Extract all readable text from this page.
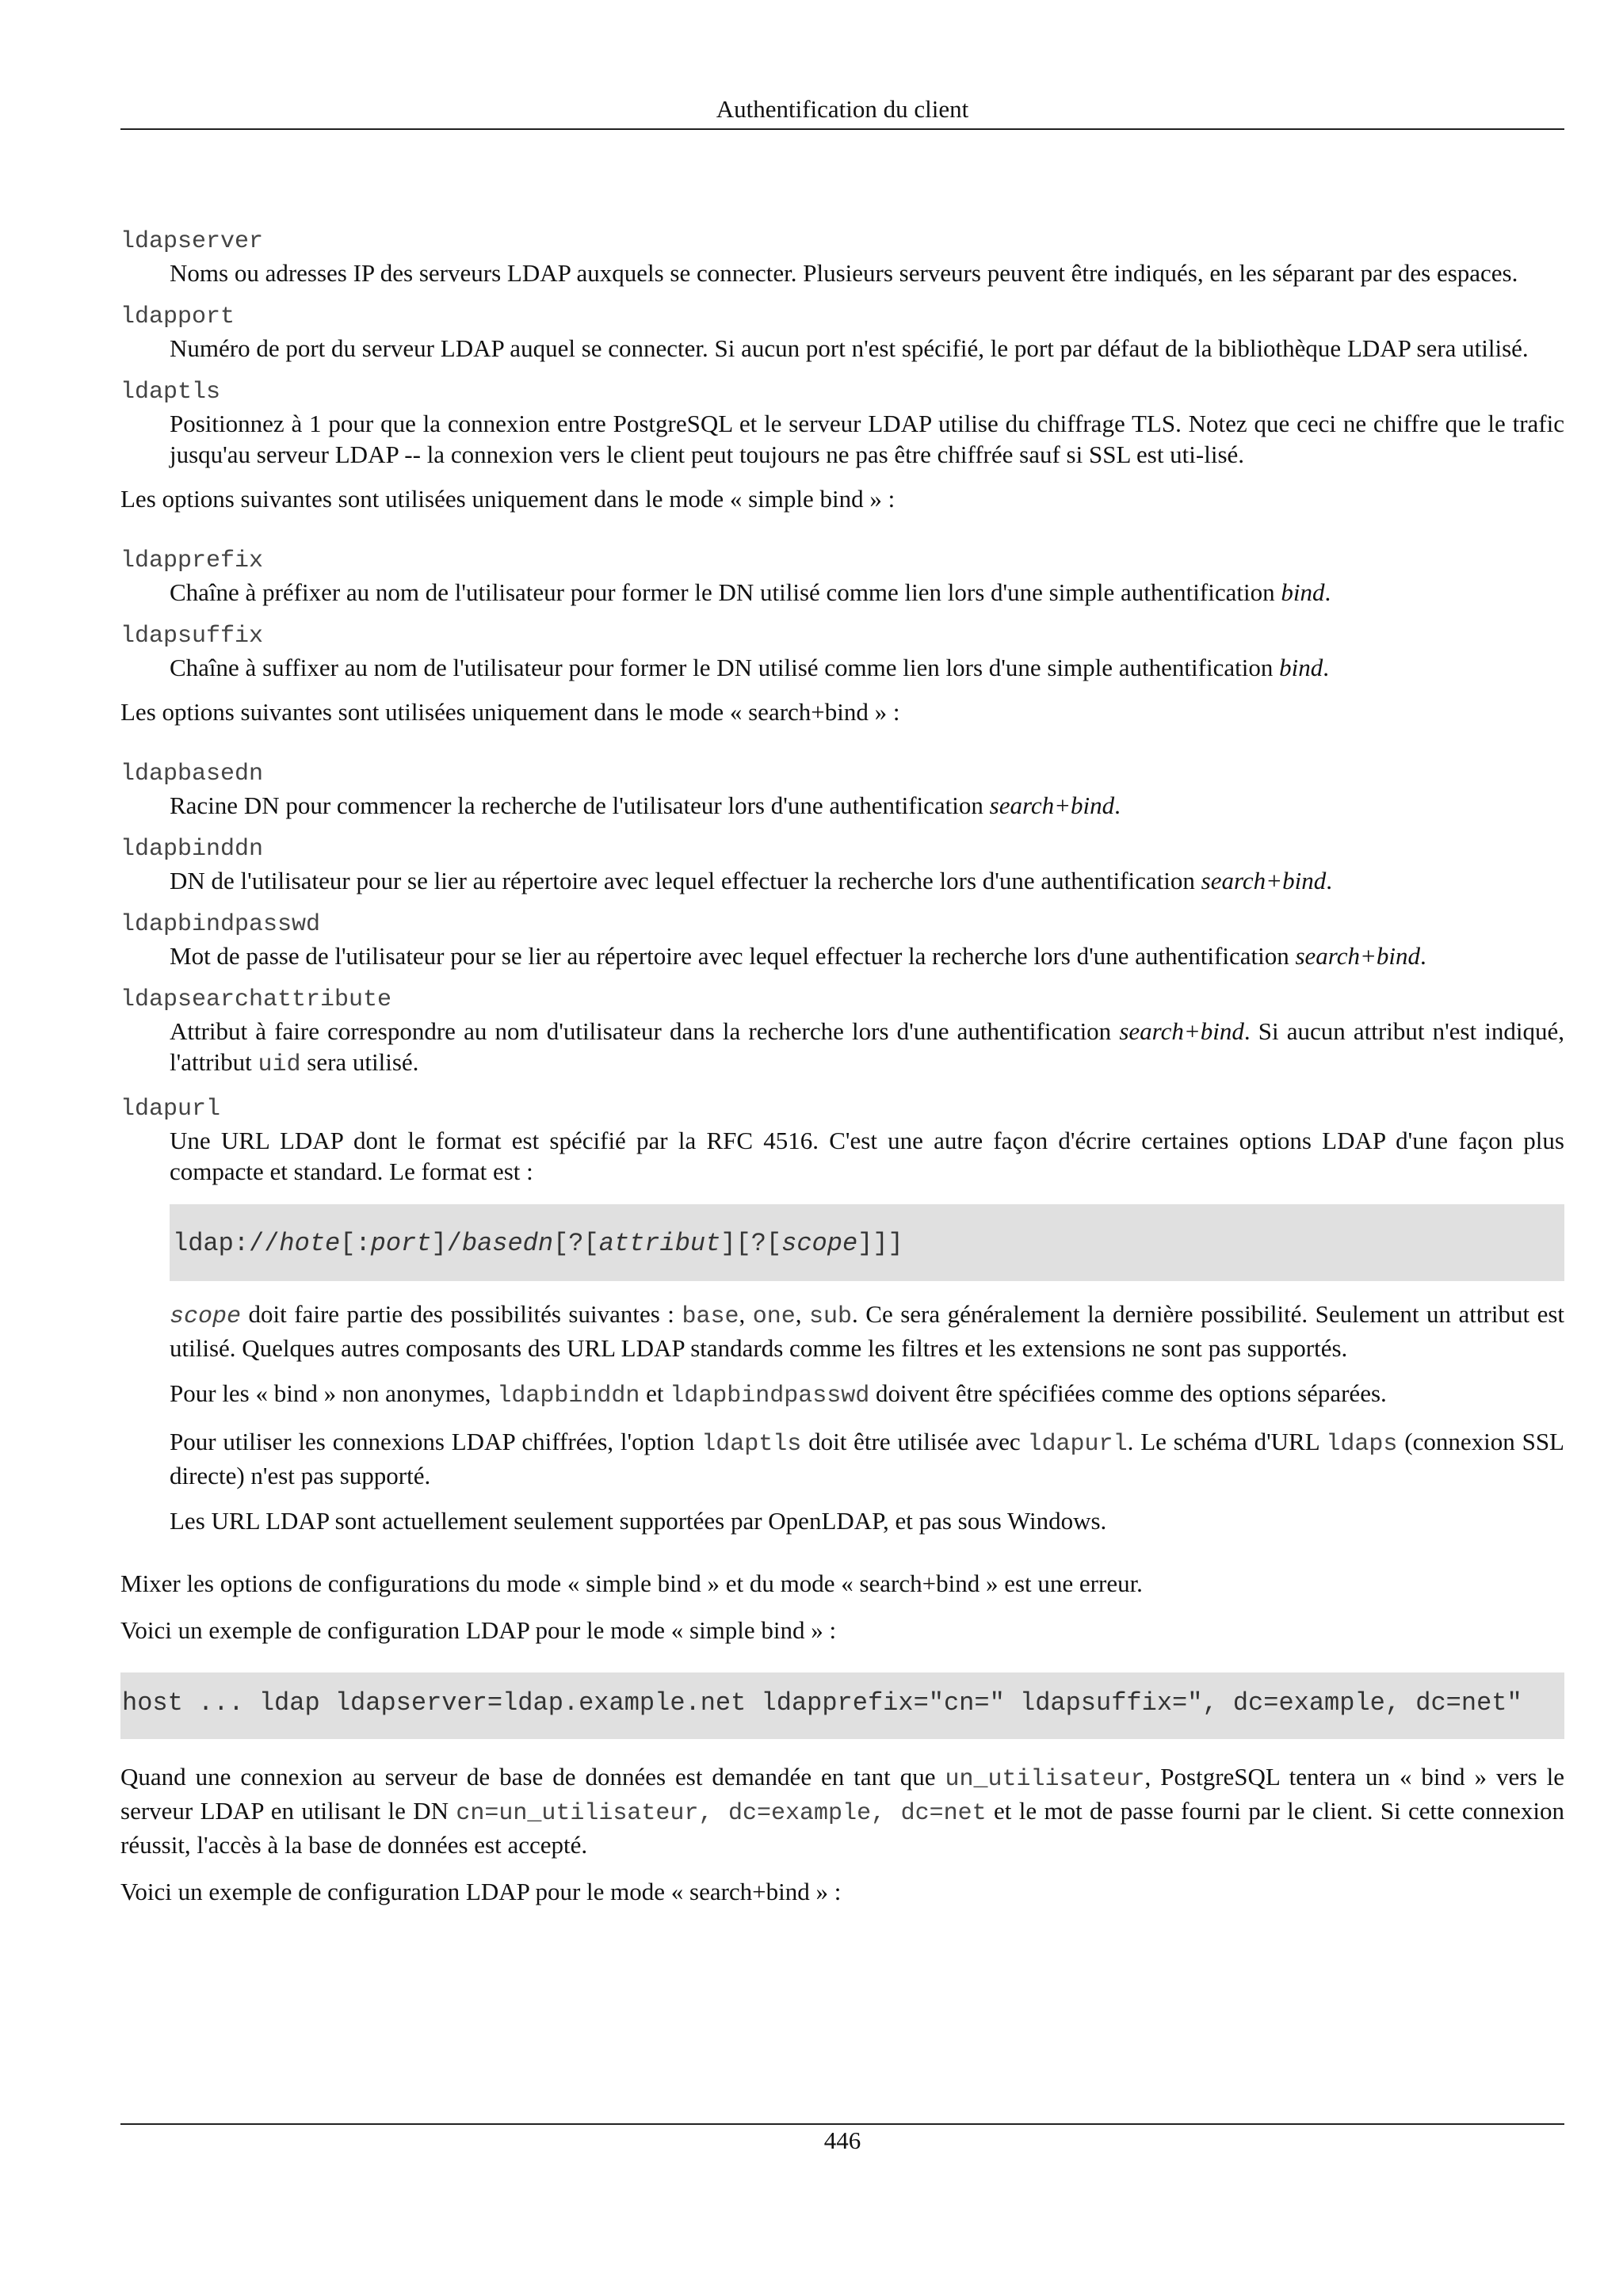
Authentification du client
ldapserver
Noms ou adresses IP des serveurs LDAP auxquels se connecter. Plusieurs serveurs peuvent être indiqués, en les séparant par des espaces.
ldapport
Numéro de port du serveur LDAP auquel se connecter. Si aucun port n'est spécifié, le port par défaut de la bibliothèque LDAP sera utilisé.
ldaptls
Positionnez à 1 pour que la connexion entre PostgreSQL et le serveur LDAP utilise du chiffrage TLS. Notez que ceci ne chiffre que le trafic jusqu'au serveur LDAP -- la connexion vers le client peut toujours ne pas être chiffrée sauf si SSL est uti-lisé.

Les options suivantes sont utilisées uniquement dans le mode « simple bind » :

ldapprefix
Chaîne à préfixer au nom de l'utilisateur pour former le DN utilisé comme lien lors d'une simple authentification bind.
ldapsuffix
Chaîne à suffixer au nom de l'utilisateur pour former le DN utilisé comme lien lors d'une simple authentification bind.

Les options suivantes sont utilisées uniquement dans le mode « search+bind » :

ldapbasedn
Racine DN pour commencer la recherche de l'utilisateur lors d'une authentification search+bind.
ldapbinddn
DN de l'utilisateur pour se lier au répertoire avec lequel effectuer la recherche lors d'une authentification search+bind.
ldapbindpasswd
Mot de passe de l'utilisateur pour se lier au répertoire avec lequel effectuer la recherche lors d'une authentification search+bind.
ldapsearchattribute
Attribut à faire correspondre au nom d'utilisateur dans la recherche lors d'une authentification search+bind. Si aucun attribut n'est indiqué, l'attribut uid sera utilisé.
ldapurl
Une URL LDAP dont le format est spécifié par la RFC 4516. C'est une autre façon d'écrire certaines options LDAP d'une façon plus compacte et standard. Le format est :
ldap://hote[:port]/basedn[?[attribut][?[scope]]]
scope doit faire partie des possibilités suivantes : base, one, sub. Ce sera généralement la dernière possibilité. Seulement un attribut est utilisé. Quelques autres composants des URL LDAP standards comme les filtres et les extensions ne sont pas supportés.
Pour les « bind » non anonymes, ldapbinddn et ldapbindpasswd doivent être spécifiées comme des options séparées.
Pour utiliser les connexions LDAP chiffrées, l'option ldaptls doit être utilisée avec ldapurl. Le schéma d'URL ldaps (connexion SSL directe) n'est pas supporté.
Les URL LDAP sont actuellement seulement supportées par OpenLDAP, et pas sous Windows.

Mixer les options de configurations du mode « simple bind » et du mode « search+bind » est une erreur.

Voici un exemple de configuration LDAP pour le mode « simple bind » :

host ... ldap ldapserver=ldap.example.net ldapprefix="cn=" ldapsuffix=", dc=example, dc=net"

Quand une connexion au serveur de base de données est demandée en tant que un_utilisateur, PostgreSQL tentera un « bind » vers le serveur LDAP en utilisant le DN cn=un_utilisateur, dc=example, dc=net et le mot de passe fourni par le client. Si cette connexion réussit, l'accès à la base de données est accepté.

Voici un exemple de configuration LDAP pour le mode « search+bind » :

446
